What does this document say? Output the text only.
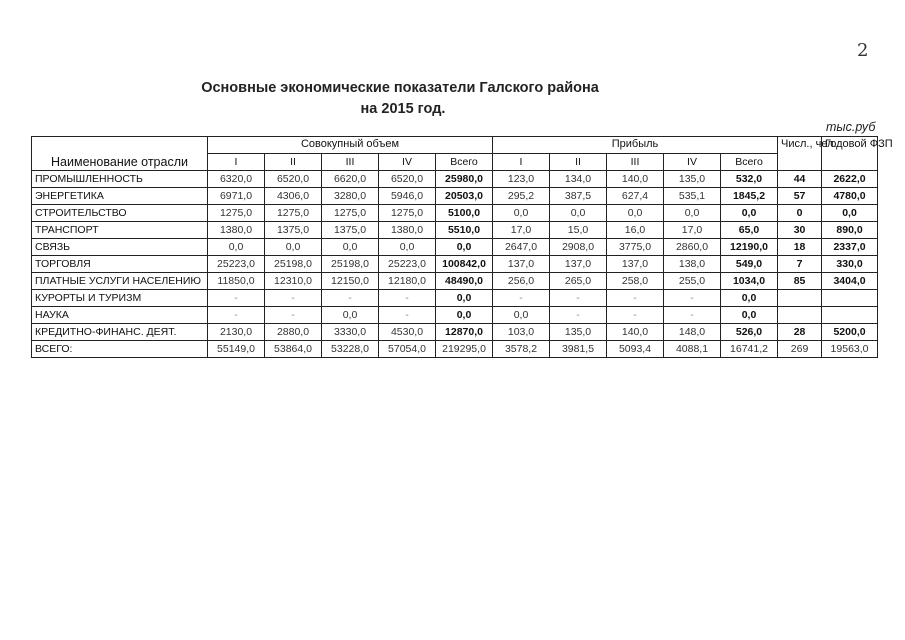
2
Основные экономические показатели Галского района
на 2015 год.
тыс.руб
Наименование отрасли	Совокупный объем					Прибыль					Числ., чел.	Годовой ФЗП
	I	II	III	IV	Всего	I	II	III	IV	Всего		
ПРОМЫШЛЕННОСТЬ	6320,0	6520,0	6620,0	6520,0	25980,0	123,0	134,0	140,0	135,0	532,0	44	2622,0
ЭНЕРГЕТИКА	6971,0	4306,0	3280,0	5946,0	20503,0	295,2	387,5	627,4	535,1	1845,2	57	4780,0
СТРОИТЕЛЬСТВО	1275,0	1275,0	1275,0	1275,0	5100,0	0,0	0,0	0,0	0,0	0,0	0	0,0
ТРАНСПОРТ	1380,0	1375,0	1375,0	1380,0	5510,0	17,0	15,0	16,0	17,0	65,0	30	890,0
СВЯЗЬ	0,0	0,0	0,0	0,0	0,0	2647,0	2908,0	3775,0	2860,0	12190,0	18	2337,0
ТОРГОВЛЯ	25223,0	25198,0	25198,0	25223,0	100842,0	137,0	137,0	137,0	138,0	549,0	7	330,0
ПЛАТНЫЕ УСЛУГИ НАСЕЛЕНИЮ	11850,0	12310,0	12150,0	12180,0	48490,0	256,0	265,0	258,0	255,0	1034,0	85	3404,0
КУРОРТЫ И ТУРИЗМ	-	-	-	-	0,0	-	-	-	-	0,0		
НАУКА	-	-	0,0	-	0,0	0,0	-	-	-	0,0		
КРЕДИТНО-ФИНАНС. ДЕЯТ.	2130,0	2880,0	3330,0	4530,0	12870,0	103,0	135,0	140,0	148,0	526,0	28	5200,0
ВСЕГО:	55149,0	53864,0	53228,0	57054,0	219295,0	3578,2	3981,5	5093,4	4088,1	16741,2	269	19563,0
